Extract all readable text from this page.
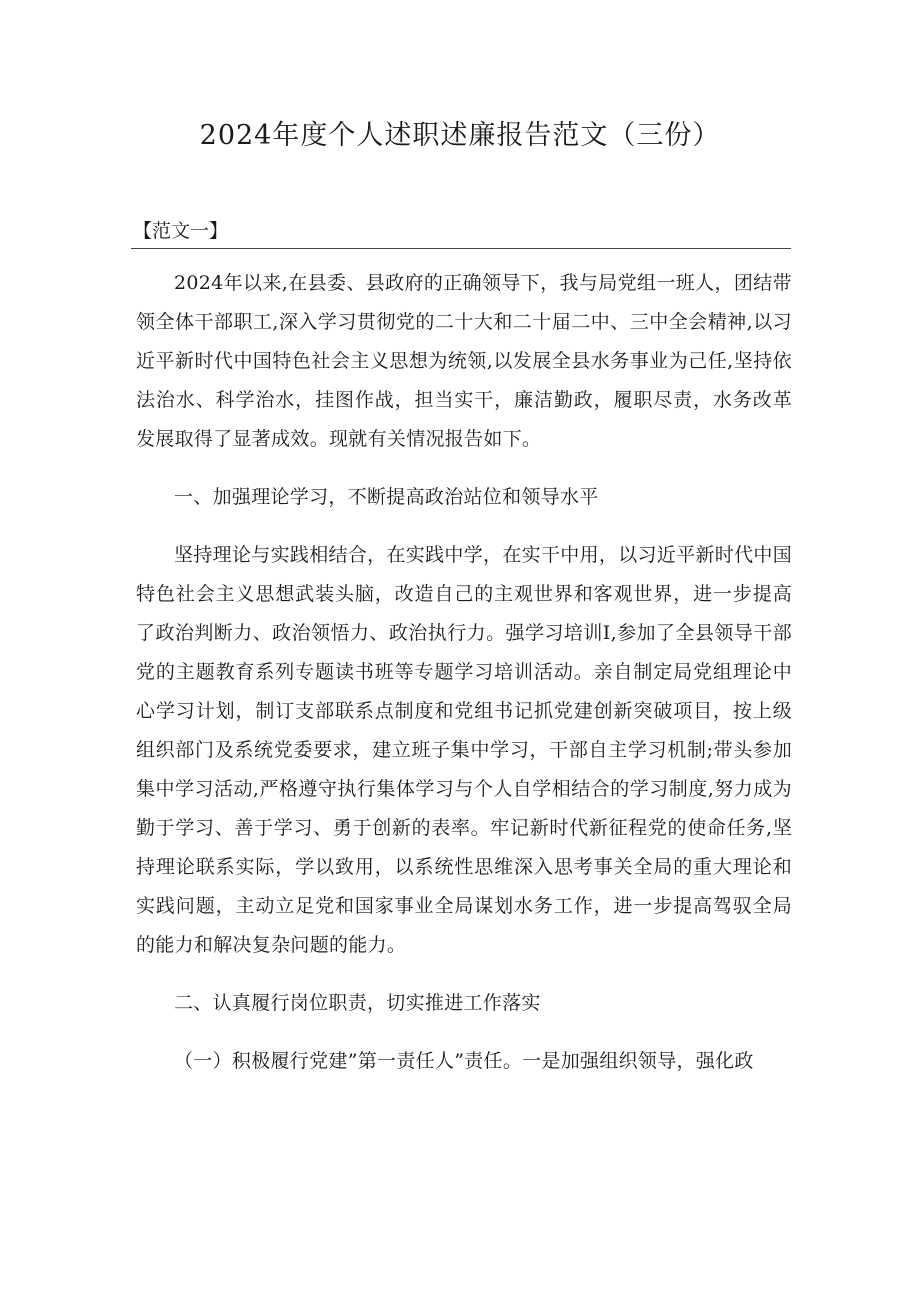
2024年度个人述职述廉报告范文（三份）
【范文一】

2024年以来,在县委、县政府的正确领导下，我与局党组一班人，团结带领全体干部职工,深入学习贯彻党的二十大和二十届二中、三中全会精神,以习近平新时代中国特色社会主义思想为统领,以发展全县水务事业为己任,坚持依法治水、科学治水，挂图作战，担当实干，廉洁勤政，履职尽责，水务改革发展取得了显著成效。现就有关情况报告如下。

一、加强理论学习，不断提高政治站位和领导水平

坚持理论与实践相结合，在实践中学，在实干中用，以习近平新时代中国特色社会主义思想武装头脑，改造自己的主观世界和客观世界，进一步提高了政治判断力、政治领悟力、政治执行力。强学习培训I,参加了全县领导干部党的主题教育系列专题读书班等专题学习培训活动。亲自制定局党组理论中心学习计划，制订支部联系点制度和党组书记抓党建创新突破项目，按上级组织部门及系统党委要求，建立班子集中学习，干部自主学习机制;带头参加集中学习活动,严格遵守执行集体学习与个人自学相结合的学习制度,努力成为勤于学习、善于学习、勇于创新的表率。牢记新时代新征程党的使命任务,坚持理论联系实际，学以致用，以系统性思维深入思考事关全局的重大理论和实践问题，主动立足党和国家事业全局谋划水务工作，进一步提高驾驭全局的能力和解决复杂问题的能力。

二、认真履行岗位职责，切实推进工作落实

（一）积极履行党建”第一责任人”责任。一是加强组织领导，强化政
